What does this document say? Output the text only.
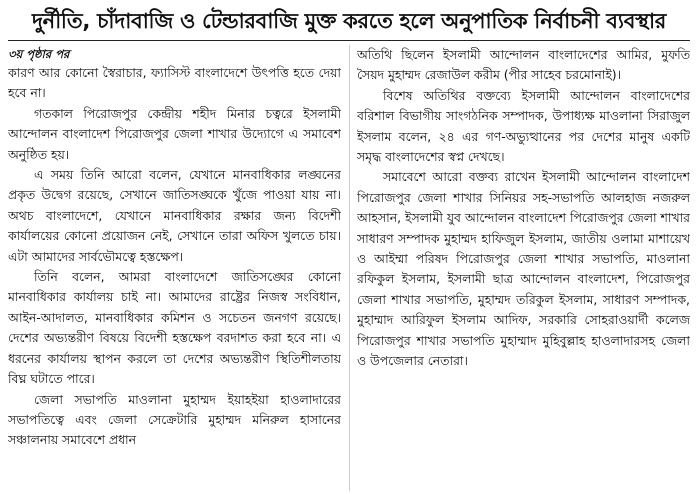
দুর্নীতি, চাঁদাবাজি ও টেন্ডারবাজি মুক্ত করতে হলে অনুপাতিক নির্বাচনী ব্যবস্থার
৩য় পৃষ্ঠার পর

কারণ আর কোনো স্বৈরাচার, ফ্যাসিস্ট বাংলাদেশে উৎপত্তি হতে দেয়া হবে না।

গতকাল পিরোজপুর কেন্দ্রীয় শহীদ মিনার চত্বরে ইসলামী আন্দোলন বাংলাদেশ পিরোজপুর জেলা শাখার উদ্যোগে এ সমাবেশ অনুষ্ঠিত হয়।

এ সময় তিনি আরো বলেন, যেখানে মানবাধিকার লঙ্ঘনের প্রকৃত উদ্বেগ রয়েছে, সেখানে জাতিসঙ্ঘকে খুঁজে পাওয়া যায় না। অথচ বাংলাদেশে, যেখানে মানবাধিকার রক্ষার জন্য বিদেশী কার্যালয়ের কোনো প্রয়োজন নেই, সেখানে তারা অফিস খুলতে চায়। এটা আমাদের সার্বভৌমত্বে হস্তক্ষেপ।

তিনি বলেন, আমরা বাংলাদেশে জাতিসঙ্ঘের কোনো মানবাধিকার কার্যালয় চাই না। আমাদের রাষ্ট্রের নিজস্ব সংবিধান, আইন-আদালত, মানবাধিকার কমিশন ও সচেতন জনগণ রয়েছে। দেশের অভ্যন্তরীণ বিষয়ে বিদেশী হস্তক্ষেপ বরদাশত করা হবে না। এ ধরনের কার্যালয় স্থাপন করলে তা দেশের অভ্যন্তরীণ স্থিতিশীলতায় বিঘ্ন ঘটাতে পারে।

জেলা সভাপতি মাওলানা মুহাম্মদ ইয়াহইয়া হাওলাদারের সভাপতিত্বে এবং জেলা সেক্রেটারি মুহাম্মদ মনিরুল হাসানের সঞ্চালনায় সমাবেশে প্রধান

অতিথি ছিলেন ইসলামী আন্দোলন বাংলাদেশের আমির, মুফতি সৈয়দ মুহাম্মদ রেজাউল করীম (পীর সাহেব চরমোনাই)।

বিশেষ অতিথির বক্তব্যে ইসলামী আন্দোলন বাংলাদেশের বরিশাল বিভাগীয় সাংগঠনিক সম্পাদক, উপাধ্যক্ষ মাওলানা সিরাজুল ইসলাম বলেন, ২৪ এর গণ-অভ্যুত্থানের পর দেশের মানুষ একটি সমৃদ্ধ বাংলাদেশের স্বপ্ন দেখছে।

সমাবেশে আরো বক্তব্য রাখেন ইসলামী আন্দোলন বাংলাদেশ পিরোজপুর জেলা শাখার সিনিয়র সহ-সভাপতি আলহাজ নজরুল আহসান, ইসলামী যুব আন্দোলন বাংলাদেশ পিরোজপুর জেলা শাখার সাধারণ সম্পাদক মুহাম্মদ হাফিজুল ইসলাম, জাতীয় ওলামা মাশায়েখ ও আইম্মা পরিষদ পিরোজপুর জেলা শাখার সভাপতি, মাওলানা রফিকুল ইসলাম, ইসলামী ছাত্র আন্দোলন বাংলাদেশ, পিরোজপুর জেলা শাখার সভাপতি, মুহাম্মদ তরিকুল ইসলাম, সাধারণ সম্পাদক, মুহাম্মাদ আরিফুল ইসলাম আদিফ, সরকারি সোহরাওয়ার্দী কলেজ পিরোজপুর শাখার সভাপতি মুহাম্মাদ মুহিবুল্লাহ হাওলাদারসহ জেলা ও উপজেলার নেতারা।
